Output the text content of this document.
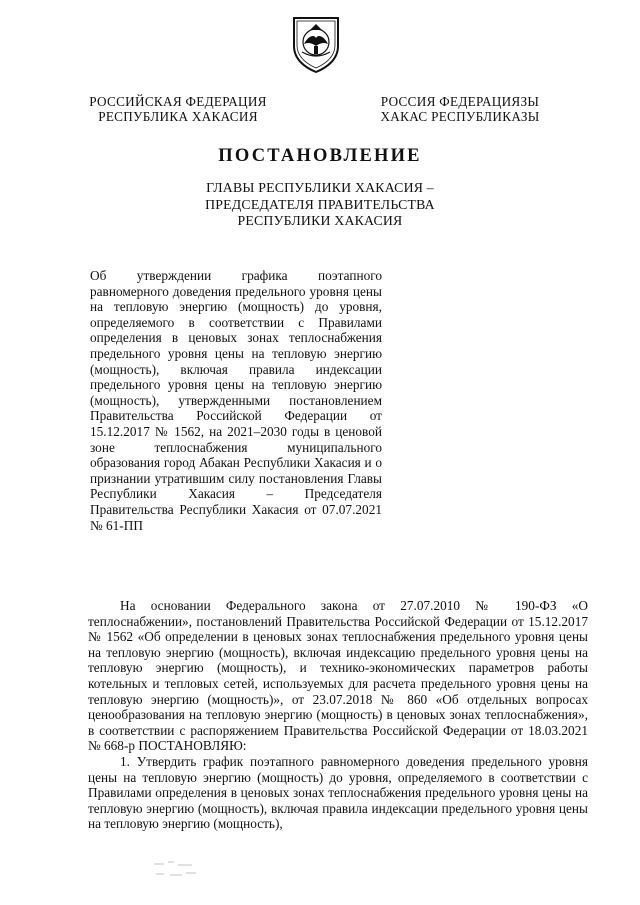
РОССИЙСКАЯ ФЕДЕРАЦИЯ
РЕСПУБЛИКА ХАКАСИЯ
РОССИЯ ФЕДЕРАЦИЯЗЫ
ХАКАС РЕСПУБЛИКАЗЫ
ПОСТАНОВЛЕНИЕ
ГЛАВЫ РЕСПУБЛИКИ ХАКАСИЯ –
ПРЕДСЕДАТЕЛЯ ПРАВИТЕЛЬСТВА
РЕСПУБЛИКИ ХАКАСИЯ
Об утверждении графика поэтапного равномерного доведения предельного уровня цены на тепловую энергию (мощность) до уровня, определяемого в соответствии с Правилами определения в ценовых зонах теплоснабжения предельного уровня цены на тепловую энергию (мощность), включая правила индексации предельного уровня цены на тепловую энергию (мощность), утвержденными постановлением Правительства Российской Федерации от 15.12.2017 № 1562, на 2021–2030 годы в ценовой зоне теплоснабжения муниципального образования город Абакан Республики Хакасия и о признании утратившим силу постановления Главы Республики Хакасия – Председателя Правительства Республики Хакасия от 07.07.2021 № 61-ПП

На основании Федерального закона от 27.07.2010 № 190-ФЗ «О теплоснабжении», постановлений Правительства Российской Федерации от 15.12.2017 № 1562 «Об определении в ценовых зонах теплоснабжения предельного уровня цены на тепловую энергию (мощность), включая индексацию предельного уровня цены на тепловую энергию (мощность), и технико-экономических параметров работы котельных и тепловых сетей, используемых для расчета предельного уровня цены на тепловую энергию (мощность)», от 23.07.2018 № 860 «Об отдельных вопросах ценообразования на тепловую энергию (мощность) в ценовых зонах теплоснабжения», в соответствии с распоряжением Правительства Российской Федерации от 18.03.2021 № 668-р ПОСТАНОВЛЯЮ:

1. Утвердить график поэтапного равномерного доведения предельного уровня цены на тепловую энергию (мощность) до уровня, определяемого в соответствии с Правилами определения в ценовых зонах теплоснабжения предельного уровня цены на тепловую энергию (мощность), включая правила индексации предельного уровня цены на тепловую энергию (мощность),
